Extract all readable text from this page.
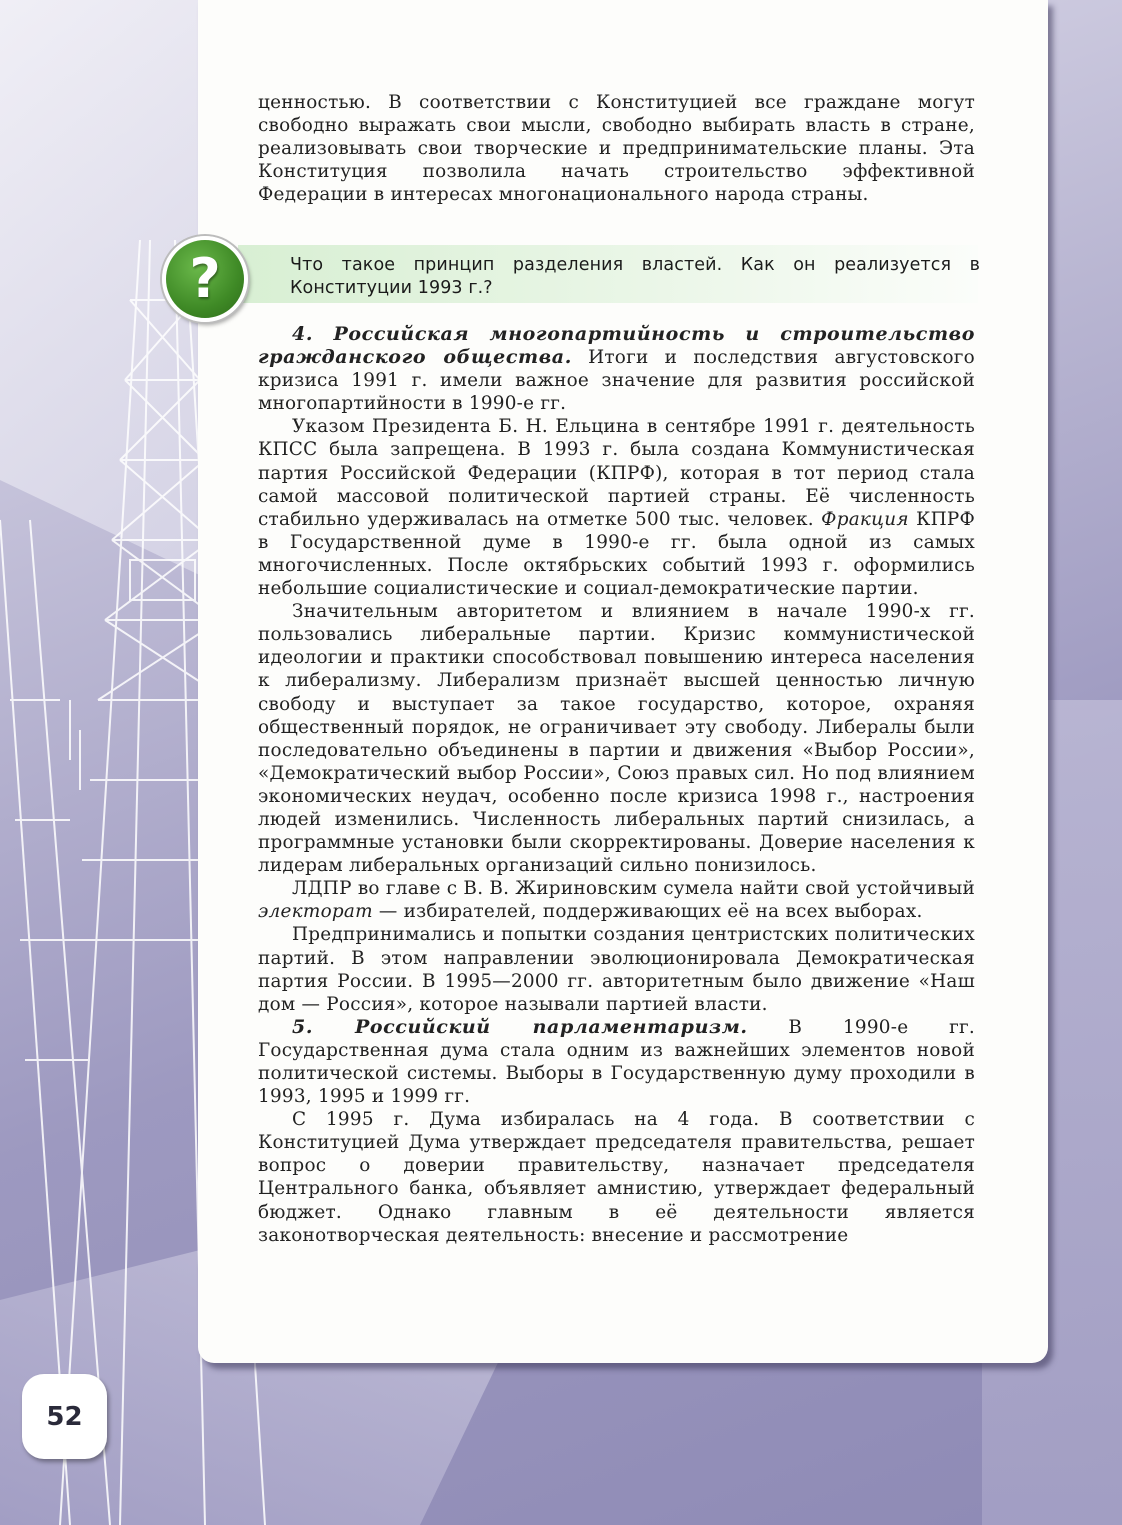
ценностью. В соответствии с Конституцией все граждане могут свободно выражать свои мысли, свободно выбирать власть в стране, реализовывать свои творческие и предпринимательские планы. Эта Конституция позволила начать строительство эффективной Федерации в интересах многонационального народа страны.

?	Что такое принцип разделения властей. Как он реализуется в Конституции 1993 г.?

4. Российская многопартийность и строительство гражданского общества. Итоги и последствия августовского кризиса 1991 г. имели важное значение для развития российской многопартийности в 1990-е гг.

Указом Президента Б. Н. Ельцина в сентябре 1991 г. деятельность КПСС была запрещена. В 1993 г. была создана Коммунистическая партия Российской Федерации (КПРФ), которая в тот период стала самой массовой политической партией страны. Её численность стабильно удерживалась на отметке 500 тыс. человек. Фракция КПРФ в Государственной думе в 1990-е гг. была одной из самых многочисленных. После октябрьских событий 1993 г. оформились небольшие социалистические и социал-демократические партии.

Значительным авторитетом и влиянием в начале 1990-х гг. пользовались либеральные партии. Кризис коммунистической идеологии и практики способствовал повышению интереса населения к либерализму. Либерализм признаёт высшей ценностью личную свободу и выступает за такое государство, которое, охраняя общественный порядок, не ограничивает эту свободу. Либералы были последовательно объединены в партии и движения «Выбор России», «Демократический выбор России», Союз правых сил. Но под влиянием экономических неудач, особенно после кризиса 1998 г., настроения людей изменились. Численность либеральных партий снизилась, а программные установки были скорректированы. Доверие населения к лидерам либеральных организаций сильно понизилось.

ЛДПР во главе с В. В. Жириновским сумела найти свой устойчивый электорат — избирателей, поддерживающих её на всех выборах.

Предпринимались и попытки создания центристских политических партий. В этом направлении эволюционировала Демократическая партия России. В 1995—2000 гг. авторитетным было движение «Наш дом — Россия», которое называли партией власти.

5. Российский парламентаризм. В 1990-е гг. Государственная дума стала одним из важнейших элементов новой политической системы. Выборы в Государственную думу проходили в 1993, 1995 и 1999 гг.

С 1995 г. Дума избиралась на 4 года. В соответствии с Конституцией Дума утверждает председателя правительства, решает вопрос о доверии правительству, назначает председателя Центрального банка, объявляет амнистию, утверждает федеральный бюджет. Однако главным в её деятельности является законотворческая деятельность: внесение и рассмотрение

52
